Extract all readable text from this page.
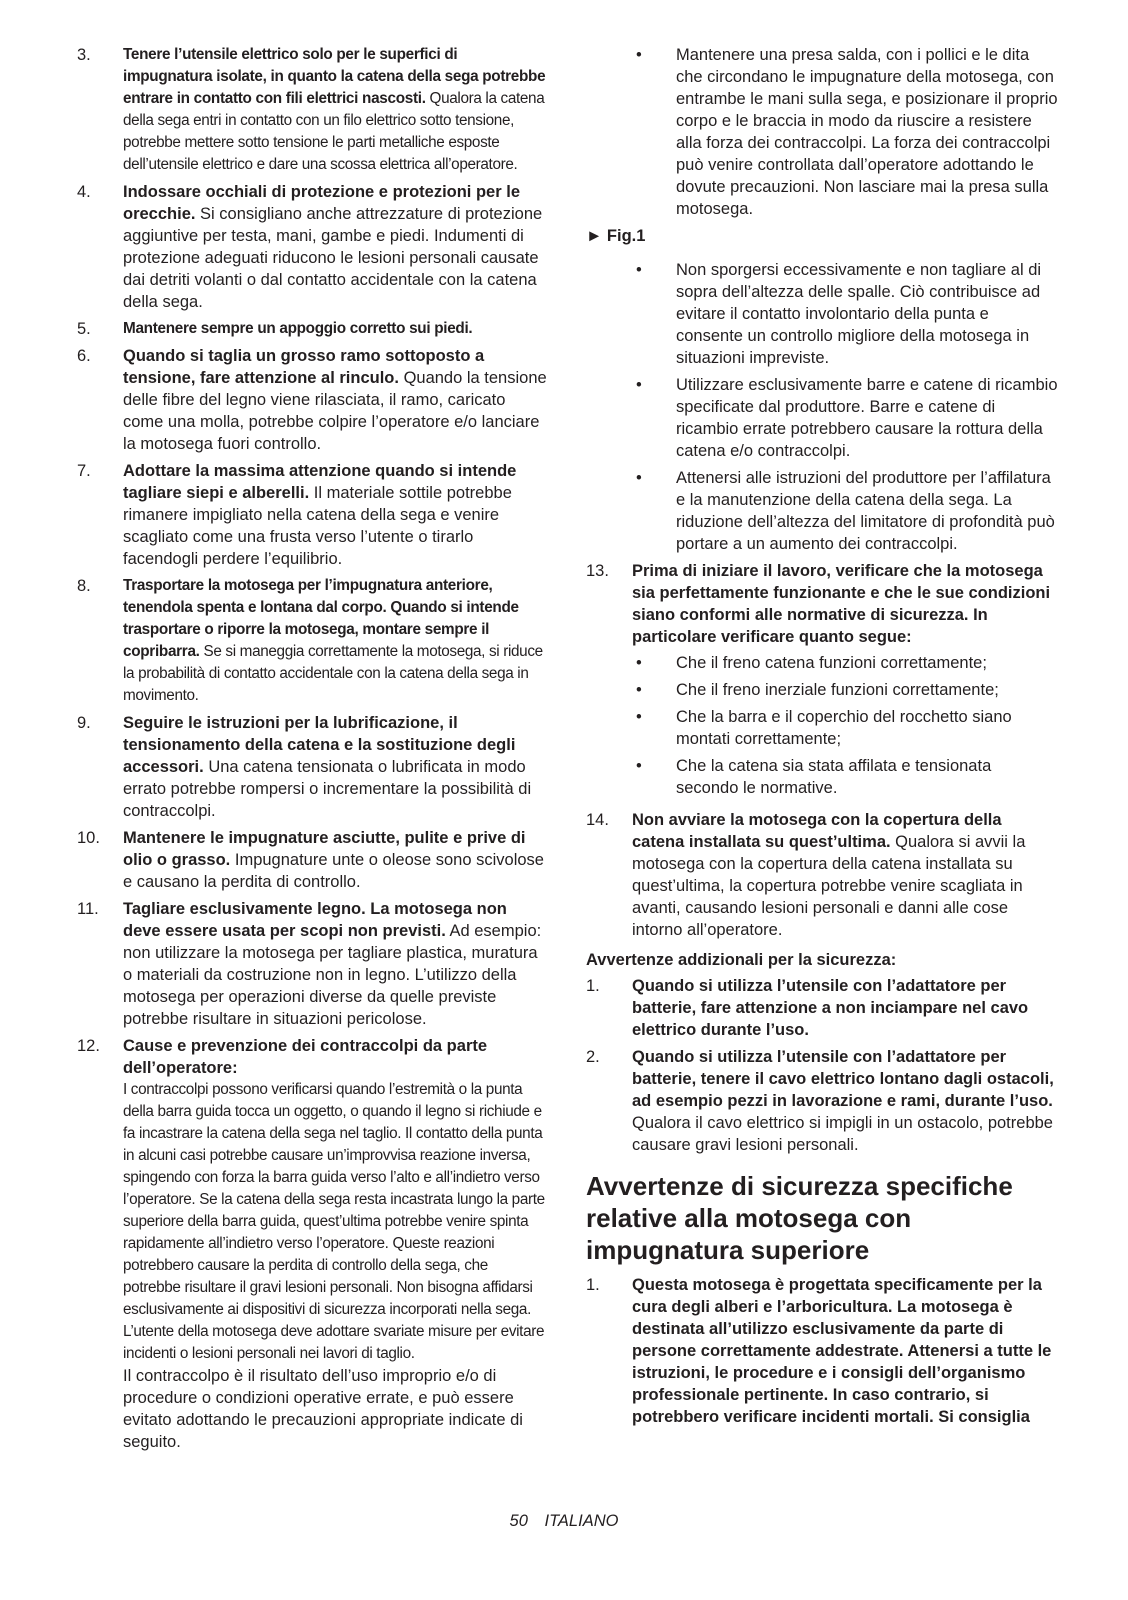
3.	Tenere l’utensile elettrico solo per le superfici di impugnatura isolate, in quanto la catena della sega potrebbe entrare in contatto con fili elettrici nascosti. Qualora la catena della sega entri in contatto con un filo elettrico sotto tensione, potrebbe mettere sotto tensione le parti metalliche esposte dell’utensile elettrico e dare una scossa elettrica all’operatore.
4.	Indossare occhiali di protezione e protezioni per le orecchie. Si consigliano anche attrezzature di protezione aggiuntive per testa, mani, gambe e piedi. Indumenti di protezione adeguati riducono le lesioni personali causate dai detriti volanti o dal contatto accidentale con la catena della sega.
5.	Mantenere sempre un appoggio corretto sui piedi.
6.	Quando si taglia un grosso ramo sottoposto a tensione, fare attenzione al rinculo. Quando la tensione delle fibre del legno viene rilasciata, il ramo, caricato come una molla, potrebbe colpire l’operatore e/o lanciare la motosega fuori controllo.
7.	Adottare la massima attenzione quando si intende tagliare siepi e alberelli. Il materiale sottile potrebbe rimanere impigliato nella catena della sega e venire scagliato come una frusta verso l’utente o tirarlo facendogli perdere l’equilibrio.
8.	Trasportare la motosega per l’impugnatura anteriore, tenendola spenta e lontana dal corpo. Quando si intende trasportare o riporre la motosega, montare sempre il copribarra. Se si maneggia correttamente la motosega, si riduce la probabilità di contatto accidentale con la catena della sega in movimento.
9.	Seguire le istruzioni per la lubrificazione, il tensionamento della catena e la sostituzione degli accessori. Una catena tensionata o lubrificata in modo errato potrebbe rompersi o incrementare la possibilità di contraccolpi.
10.	Mantenere le impugnature asciutte, pulite e prive di olio o grasso. Impugnature unte o oleose sono scivolose e causano la perdita di controllo.
11.	Tagliare esclusivamente legno. La motosega non deve essere usata per scopi non previsti. Ad esempio: non utilizzare la motosega per tagliare plastica, muratura o materiali da costruzione non in legno. L’utilizzo della motosega per operazioni diverse da quelle previste potrebbe risultare in situazioni pericolose.
12.	Cause e prevenzione dei contraccolpi da parte dell’operatore:
I contraccolpi possono verificarsi quando l’estremità o la punta della barra guida tocca un oggetto, o quando il legno si richiude e fa incastrare la catena della sega nel taglio. Il contatto della punta in alcuni casi potrebbe causare un’improvvisa reazione inversa, spingendo con forza la barra guida verso l’alto e all’indietro verso l’operatore. Se la catena della sega resta incastrata lungo la parte superiore della barra guida, quest’ultima potrebbe venire spinta rapidamente all’indietro verso l’operatore. Queste reazioni potrebbero causare la perdita di controllo della sega, che potrebbe risultare il gravi lesioni personali. Non bisogna affidarsi esclusivamente ai dispositivi di sicurezza incorporati nella sega. L’utente della motosega deve adottare svariate misure per evitare incidenti o lesioni personali nei lavori di taglio.
Il contraccolpo è il risultato dell’uso improprio e/o di procedure o condizioni operative errate, e può essere evitato adottando le precauzioni appropriate indicate di seguito.
•	Mantenere una presa salda, con i pollici e le dita che circondano le impugnature della motosega, con entrambe le mani sulla sega, e posizionare il proprio corpo e le braccia in modo da riuscire a resistere alla forza dei contraccolpi. La forza dei contraccolpi può venire controllata dall’operatore adottando le dovute precauzioni. Non lasciare mai la presa sulla motosega.
► Fig.1
•	Non sporgersi eccessivamente e non tagliare al di sopra dell’altezza delle spalle. Ciò contribuisce ad evitare il contatto involontario della punta e consente un controllo migliore della motosega in situazioni impreviste.
•	Utilizzare esclusivamente barre e catene di ricambio specificate dal produttore. Barre e catene di ricambio errate potrebbero causare la rottura della catena e/o contraccolpi.
•	Attenersi alle istruzioni del produttore per l’affilatura e la manutenzione della catena della sega. La riduzione dell’altezza del limitatore di profondità può portare a un aumento dei contraccolpi.
13.	Prima di iniziare il lavoro, verificare che la motosega sia perfettamente funzionante e che le sue condizioni siano conformi alle normative di sicurezza. In particolare verificare quanto segue:
•	Che il freno catena funzioni correttamente;
•	Che il freno inerziale funzioni correttamente;
•	Che la barra e il coperchio del rocchetto siano montati correttamente;
•	Che la catena sia stata affilata e tensionata secondo le normative.
14.	Non avviare la motosega con la copertura della catena installata su quest’ultima. Qualora si avvii la motosega con la copertura della catena installata su quest’ultima, la copertura potrebbe venire scagliata in avanti, causando lesioni personali e danni alle cose intorno all’operatore.
Avvertenze addizionali per la sicurezza:
1.	Quando si utilizza l’utensile con l’adattatore per batterie, fare attenzione a non inciampare nel cavo elettrico durante l’uso.
2.	Quando si utilizza l’utensile con l’adattatore per batterie, tenere il cavo elettrico lontano dagli ostacoli, ad esempio pezzi in lavorazione e rami, durante l’uso. Qualora il cavo elettrico si impigli in un ostacolo, potrebbe causare gravi lesioni personali.
Avvertenze di sicurezza specifiche relative alla motosega con impugnatura superiore
1.	Questa motosega è progettata specificamente per la cura degli alberi e l’arboricultura. La motosega è destinata all’utilizzo esclusivamente da parte di persone correttamente addestrate. Attenersi a tutte le istruzioni, le procedure e i consigli dell’organismo professionale pertinente. In caso contrario, si potrebbero verificare incidenti mortali. Si consiglia
50 ITALIANO
